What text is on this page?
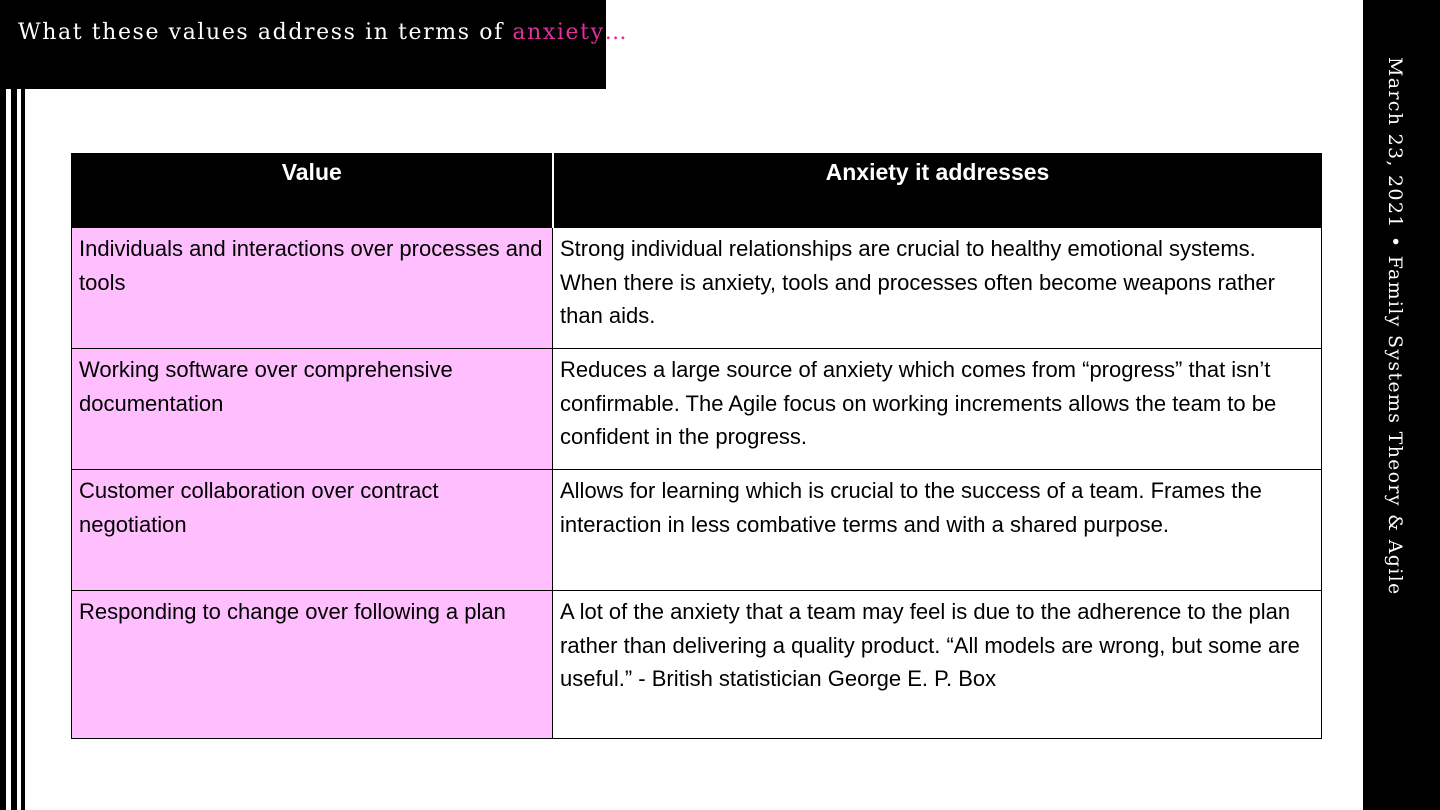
What these values address in terms of anxiety…
March 23, 2021 • Family Systems Theory & Agile
Value	Anxiety it addresses
Individuals and interactions over processes and tools	Strong individual relationships are crucial to healthy emotional systems. When there is anxiety, tools and processes often become weapons rather than aids.
Working software over comprehensive documentation	Reduces a large source of anxiety which comes from “progress” that isn’t confirmable. The Agile focus on working increments allows the team to be confident in the progress.
Customer collaboration over contract negotiation	Allows for learning which is crucial to the success of a team. Frames the interaction in less combative terms and with a shared purpose.
Responding to change over following a plan	A lot of the anxiety that a team may feel is due to the adherence to the plan rather than delivering a quality product. “All models are wrong, but some are useful.” - British statistician George E. P. Box
